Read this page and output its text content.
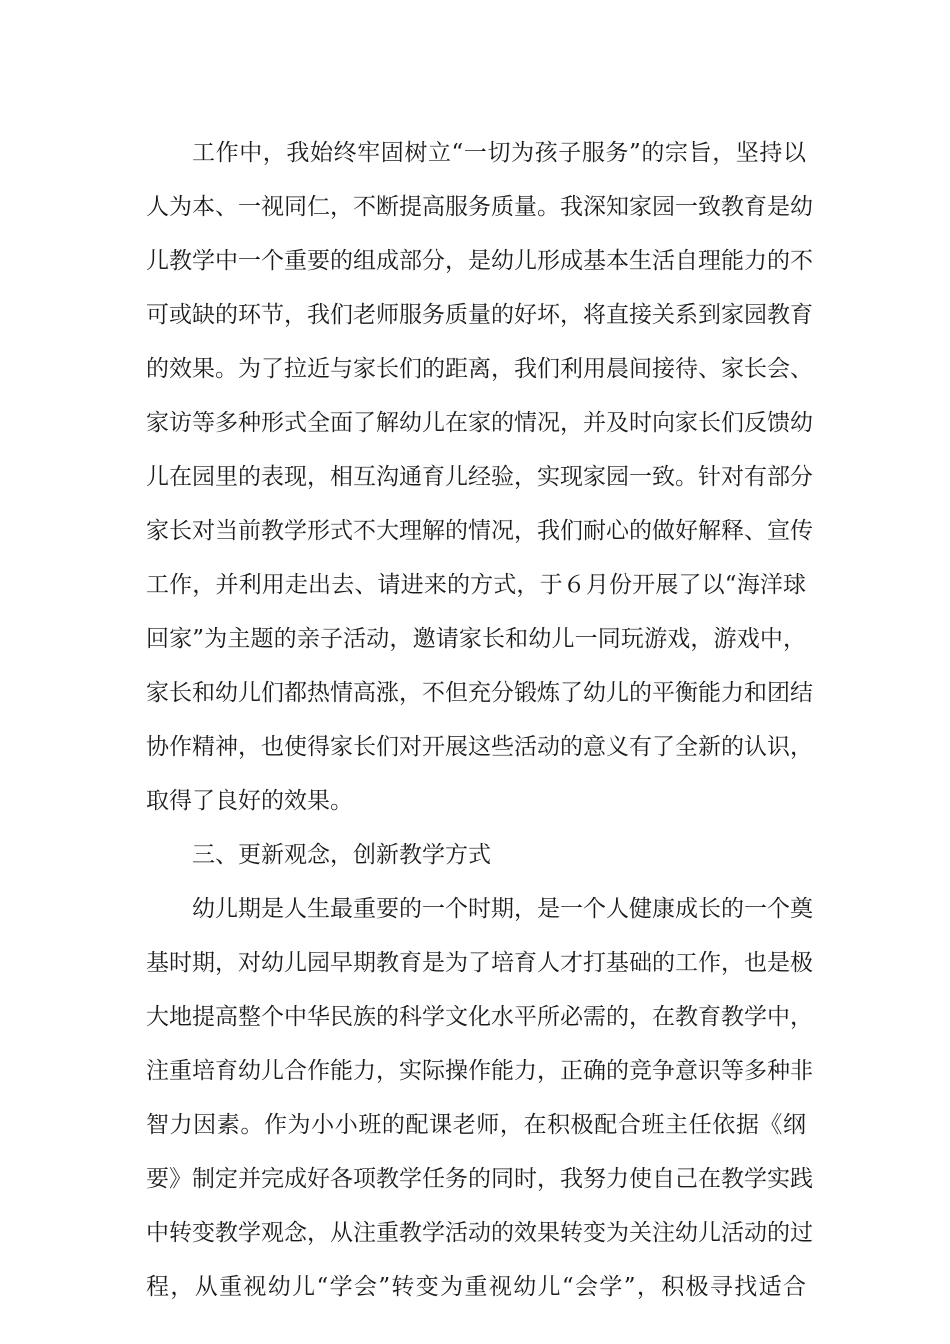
工作中，我始终牢固树立“一切为孩子服务”的宗旨，坚持以

人为本、一视同仁，不断提高服务质量。我深知家园一致教育是幼

儿教学中一个重要的组成部分，是幼儿形成基本生活自理能力的不

可或缺的环节，我们老师服务质量的好坏，将直接关系到家园教育

的效果。为了拉近与家长们的距离，我们利用晨间接待、家长会、

家访等多种形式全面了解幼儿在家的情况，并及时向家长们反馈幼

儿在园里的表现，相互沟通育儿经验，实现家园一致。针对有部分

家长对当前教学形式不大理解的情况，我们耐心的做好解释、宣传

工作，并利用走出去、请进来的方式，于６月份开展了以“海洋球

回家”为主题的亲子活动，邀请家长和幼儿一同玩游戏，游戏中，

家长和幼儿们都热情高涨，不但充分锻炼了幼儿的平衡能力和团结

协作精神，也使得家长们对开展这些活动的意义有了全新的认识，

取得了良好的效果。

三、更新观念，创新教学方式

幼儿期是人生最重要的一个时期，是一个人健康成长的一个奠

基时期，对幼儿园早期教育是为了培育人才打基础的工作，也是极

大地提高整个中华民族的科学文化水平所必需的，在教育教学中，

注重培育幼儿合作能力，实际操作能力，正确的竞争意识等多种非

智力因素。作为小小班的配课老师，在积极配合班主任依据《纲

要》制定并完成好各项教学任务的同时，我努力使自己在教学实践

中转变教学观念，从注重教学活动的效果转变为关注幼儿活动的过

程，从重视幼儿“学会”转变为重视幼儿“会学”，积极寻找适合
